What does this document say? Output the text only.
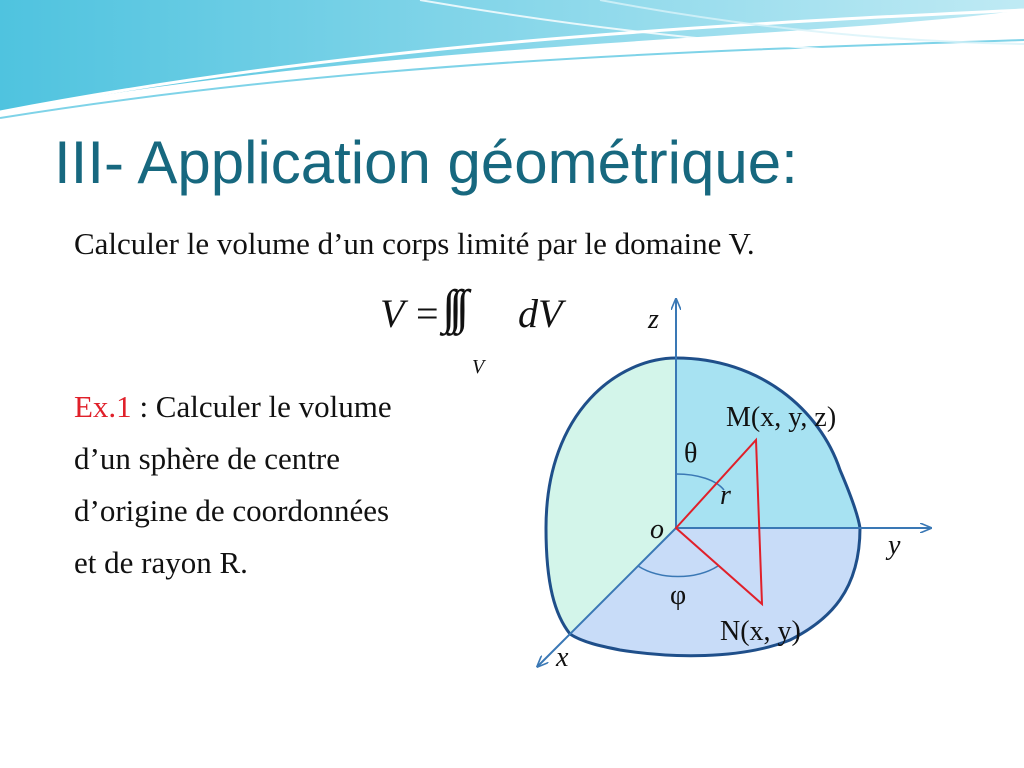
III- Application géométrique:

Calculer le volume d’un corps limité par le domaine V.

V =
V
dV

Ex.1 : Calculer le volume
d’un sphère de centre
d’origine de coordonnées
et de rayon R.

z
y
x
o
M(x, y, z)
N(x, y)
θ
φ
r
